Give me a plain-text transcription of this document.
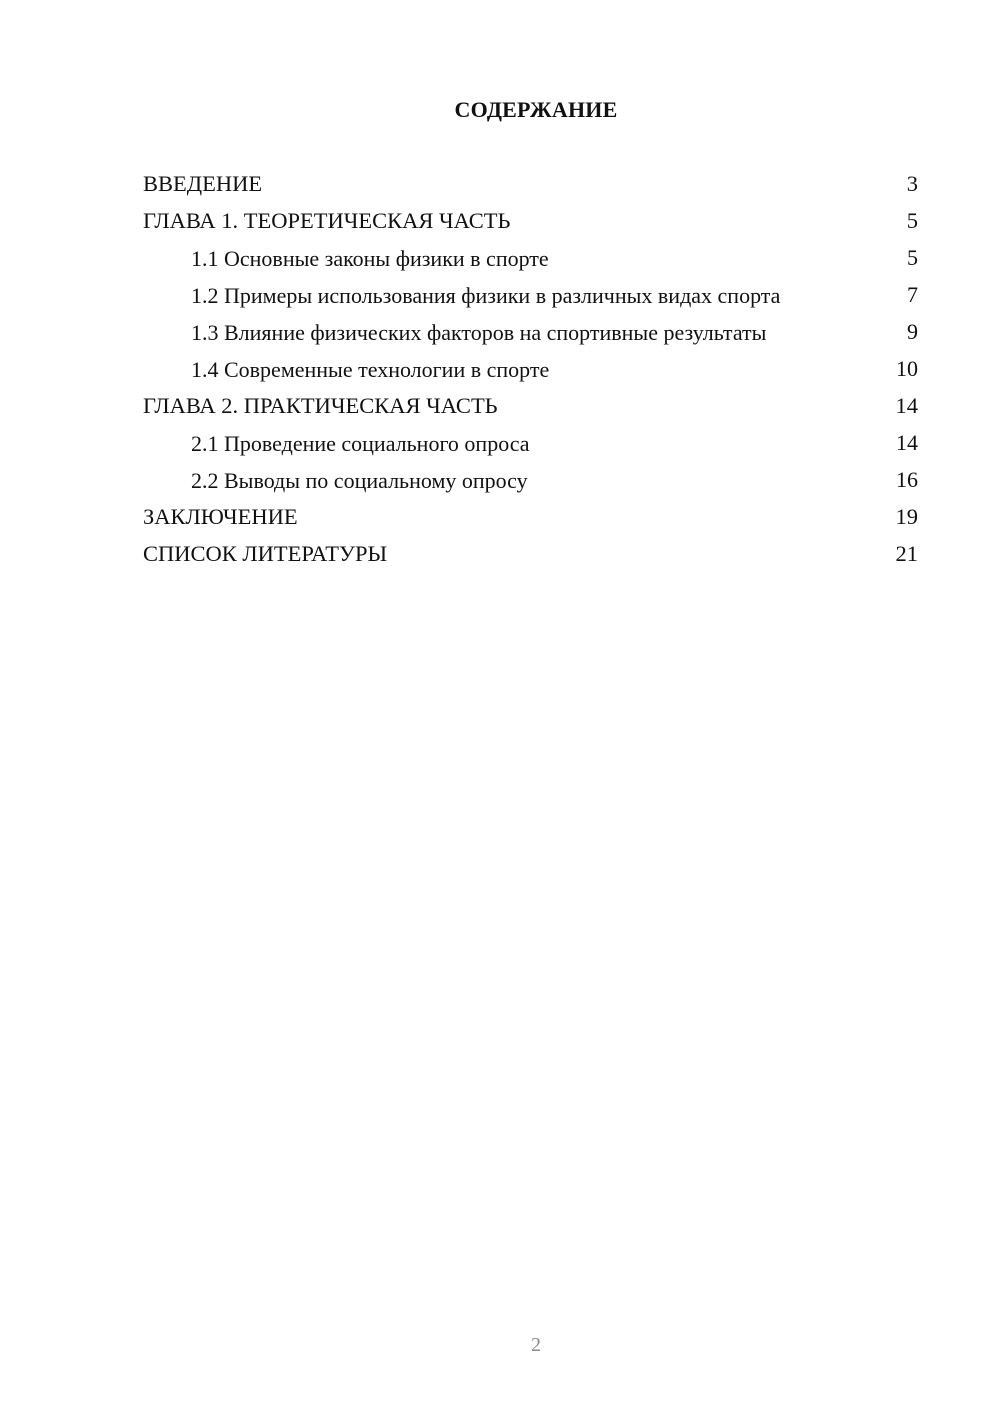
СОДЕРЖАНИЕ
ВВЕДЕНИЕ	3
ГЛАВА 1. ТЕОРЕТИЧЕСКАЯ ЧАСТЬ	5
1.1 Основные законы физики в спорте	5
1.2 Примеры использования физики в различных видах спорта	7
1.3 Влияние физических факторов на спортивные результаты	9
1.4 Современные технологии в спорте	10
ГЛАВА 2. ПРАКТИЧЕСКАЯ ЧАСТЬ	14
2.1 Проведение социального опроса	14
2.2 Выводы по социальному опросу	16
ЗАКЛЮЧЕНИЕ	19
СПИСОК ЛИТЕРАТУРЫ	21
2
